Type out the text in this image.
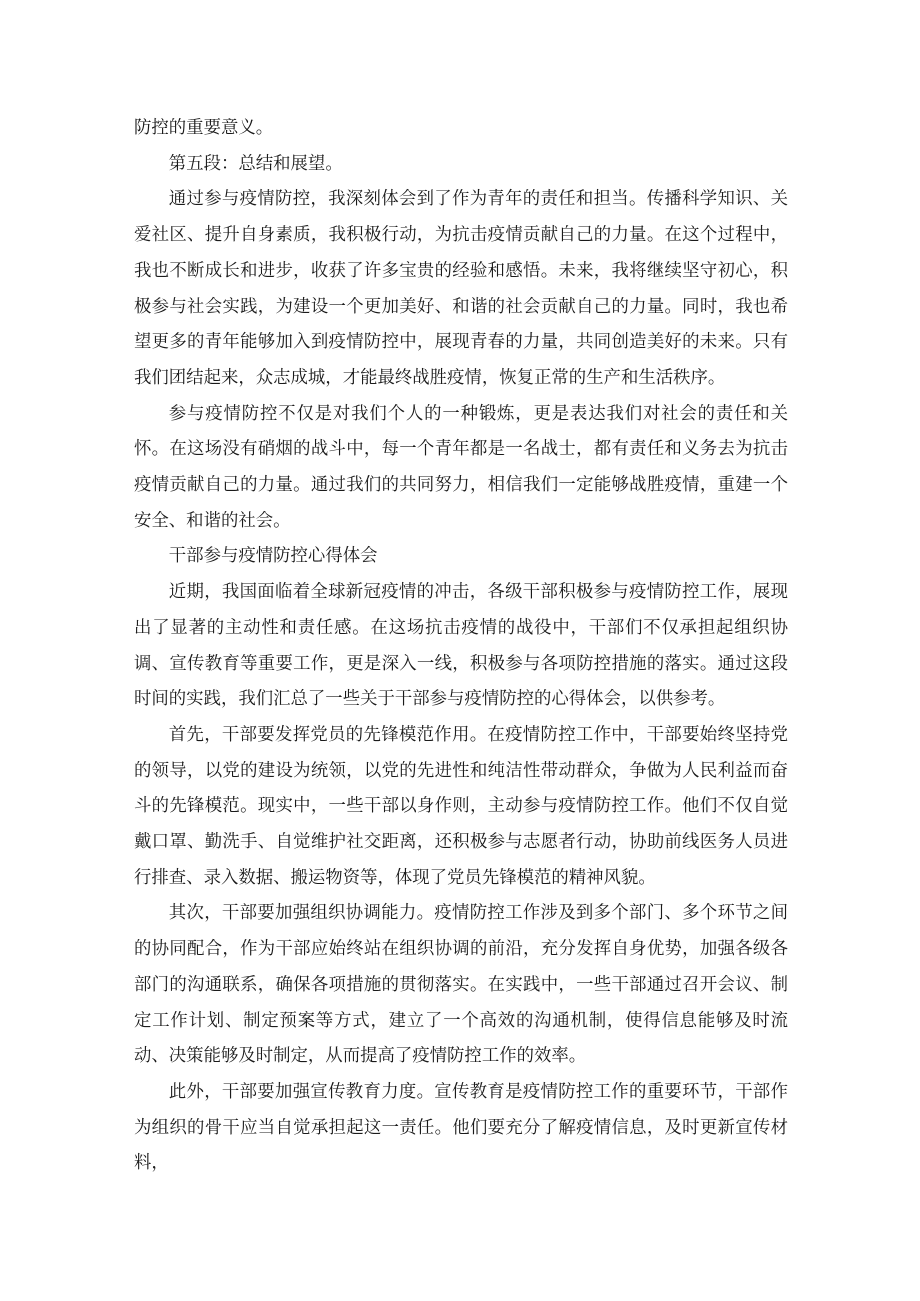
防控的重要意义。

第五段：总结和展望。

通过参与疫情防控，我深刻体会到了作为青年的责任和担当。传播科学知识、关爱社区、提升自身素质，我积极行动，为抗击疫情贡献自己的力量。在这个过程中，我也不断成长和进步，收获了许多宝贵的经验和感悟。未来，我将继续坚守初心，积极参与社会实践，为建设一个更加美好、和谐的社会贡献自己的力量。同时，我也希望更多的青年能够加入到疫情防控中，展现青春的力量，共同创造美好的未来。只有我们团结起来，众志成城，才能最终战胜疫情，恢复正常的生产和生活秩序。

参与疫情防控不仅是对我们个人的一种锻炼，更是表达我们对社会的责任和关怀。在这场没有硝烟的战斗中，每一个青年都是一名战士，都有责任和义务去为抗击疫情贡献自己的力量。通过我们的共同努力，相信我们一定能够战胜疫情，重建一个安全、和谐的社会。

干部参与疫情防控心得体会

近期，我国面临着全球新冠疫情的冲击，各级干部积极参与疫情防控工作，展现出了显著的主动性和责任感。在这场抗击疫情的战役中，干部们不仅承担起组织协调、宣传教育等重要工作，更是深入一线，积极参与各项防控措施的落实。通过这段时间的实践，我们汇总了一些关于干部参与疫情防控的心得体会，以供参考。

首先，干部要发挥党员的先锋模范作用。在疫情防控工作中，干部要始终坚持党的领导，以党的建设为统领，以党的先进性和纯洁性带动群众，争做为人民利益而奋斗的先锋模范。现实中，一些干部以身作则，主动参与疫情防控工作。他们不仅自觉戴口罩、勤洗手、自觉维护社交距离，还积极参与志愿者行动，协助前线医务人员进行排查、录入数据、搬运物资等，体现了党员先锋模范的精神风貌。

其次，干部要加强组织协调能力。疫情防控工作涉及到多个部门、多个环节之间的协同配合，作为干部应始终站在组织协调的前沿，充分发挥自身优势，加强各级各部门的沟通联系，确保各项措施的贯彻落实。在实践中，一些干部通过召开会议、制定工作计划、制定预案等方式，建立了一个高效的沟通机制，使得信息能够及时流动、决策能够及时制定，从而提高了疫情防控工作的效率。

此外，干部要加强宣传教育力度。宣传教育是疫情防控工作的重要环节，干部作为组织的骨干应当自觉承担起这一责任。他们要充分了解疫情信息，及时更新宣传材料，
